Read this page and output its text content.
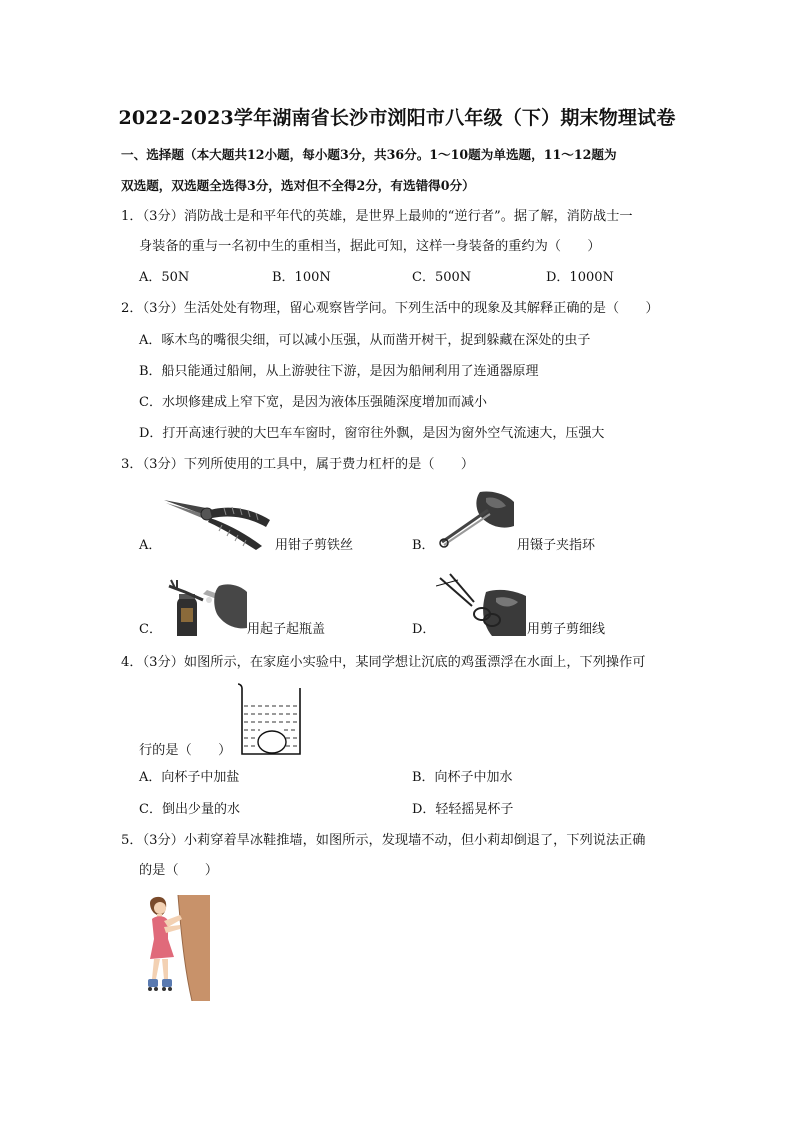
2022-2023学年湖南省长沙市浏阳市八年级（下）期末物理试卷
一、选择题（本大题共12小题，每小题3分，共36分。1～10题为单选题，11～12题为
双选题，双选题全选得3分，选对但不全得2分，有选错得0分）
1．（3分）消防战士是和平年代的英雄，是世界上最帅的“逆行者”。据了解，消防战士一
身装备的重与一名初中生的重相当，据此可知，这样一身装备的重约为（　　）
A．50N	B．100N	C．500N	D．1000N
2．（3分）生活处处有物理，留心观察皆学问。下列生活中的现象及其解释正确的是（　　）
A．啄木鸟的嘴很尖细，可以减小压强，从而凿开树干，捉到躲藏在深处的虫子
B．船只能通过船闸，从上游驶往下游，是因为船闸利用了连通器原理
C．水坝修建成上窄下宽，是因为液体压强随深度增加而减小
D．打开高速行驶的大巴车车窗时，窗帘往外飘，是因为窗外空气流速大，压强大
3．（3分）下列所使用的工具中，属于费力杠杆的是（　　）
A．	用钳子剪铁丝	B．	用镊子夹指环
C．	用起子起瓶盖	D．	用剪子剪细线
4．（3分）如图所示，在家庭小实验中，某同学想让沉底的鸡蛋漂浮在水面上，下列操作可
行的是（　　）
A．向杯子中加盐	B．向杯子中加水
C．倒出少量的水	D．轻轻摇晃杯子
5．（3分）小莉穿着旱冰鞋推墙，如图所示，发现墙不动，但小莉却倒退了，下列说法正确
的是（　　）
